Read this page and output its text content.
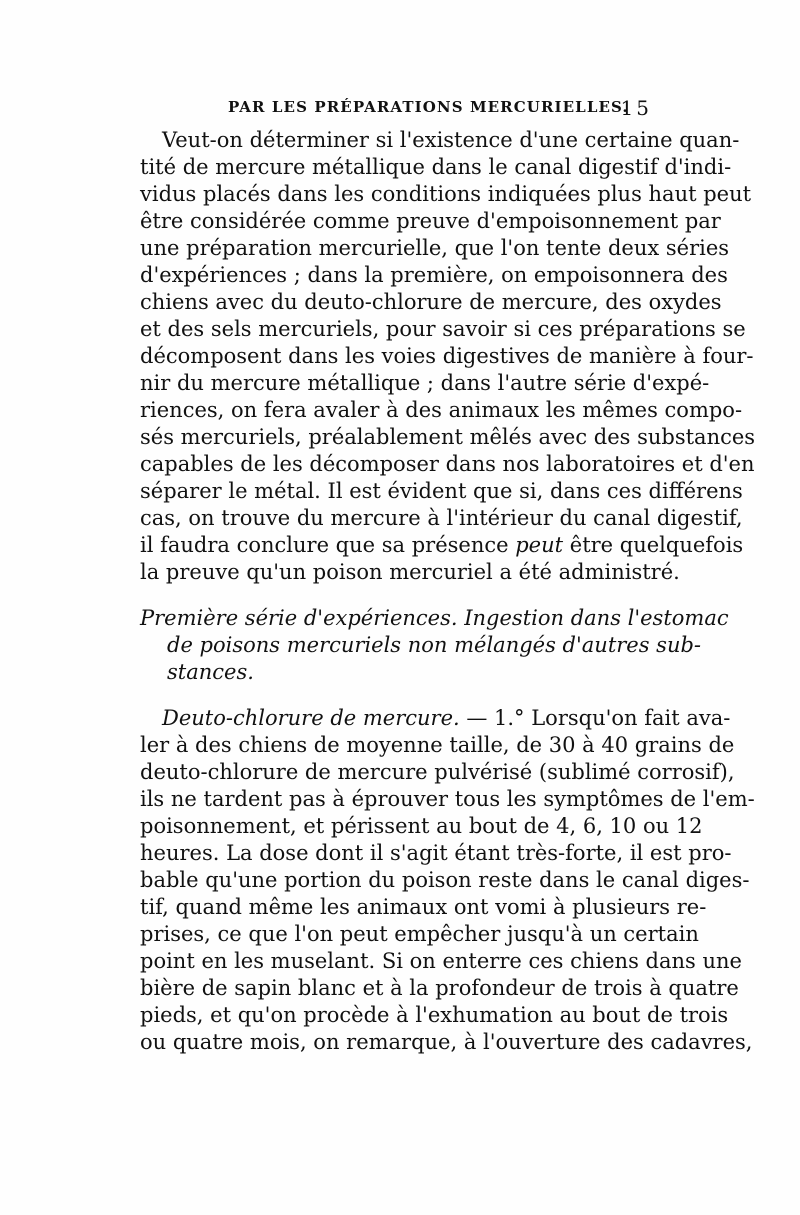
PAR LES PRÉPARATIONS MERCURIELLES.
15
Veut-on déterminer si l'existence d'une certaine quan-
tité de mercure métallique dans le canal digestif d'indi-
vidus placés dans les conditions indiquées plus haut peut
être considérée comme preuve d'empoisonnement par
une préparation mercurielle, que l'on tente deux séries
d'expériences ; dans la première, on empoisonnera des
chiens avec du deuto-chlorure de mercure, des oxydes
et des sels mercuriels, pour savoir si ces préparations se
décomposent dans les voies digestives de manière à four-
nir du mercure métallique ; dans l'autre série d'expé-
riences, on fera avaler à des animaux les mêmes compo-
sés mercuriels, préalablement mêlés avec des substances
capables de les décomposer dans nos laboratoires et d'en
séparer le métal. Il est évident que si, dans ces différens
cas, on trouve du mercure à l'intérieur du canal digestif,
il faudra conclure que sa présence peut être quelquefois
la preuve qu'un poison mercuriel a été administré.
Première série d'expériences. Ingestion dans l'estomac
de poisons mercuriels non mélangés d'autres sub-
stances.
Deuto-chlorure de mercure. — 1.° Lorsqu'on fait ava-
ler à des chiens de moyenne taille, de 30 à 40 grains de
deuto-chlorure de mercure pulvérisé (sublimé corrosif),
ils ne tardent pas à éprouver tous les symptômes de l'em-
poisonnement, et périssent au bout de 4, 6, 10 ou 12
heures. La dose dont il s'agit étant très-forte, il est pro-
bable qu'une portion du poison reste dans le canal diges-
tif, quand même les animaux ont vomi à plusieurs re-
prises, ce que l'on peut empêcher jusqu'à un certain
point en les muselant. Si on enterre ces chiens dans une
bière de sapin blanc et à la profondeur de trois à quatre
pieds, et qu'on procède à l'exhumation au bout de trois
ou quatre mois, on remarque, à l'ouverture des cadavres,
